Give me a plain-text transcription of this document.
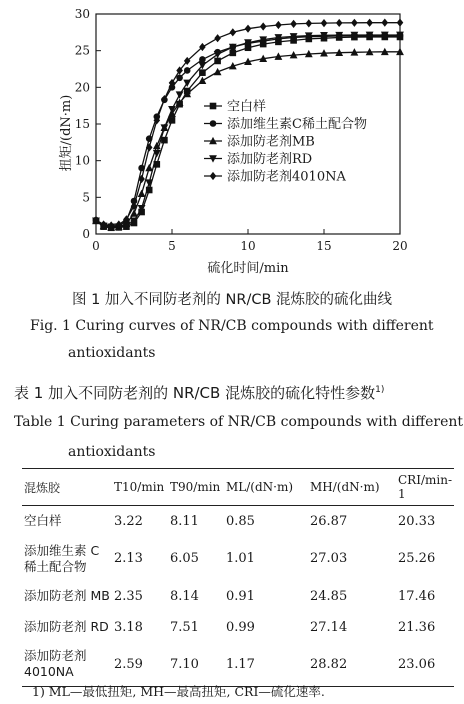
0	5	10	15	20
0
5
10
15
20
25
30
空白样
添加维生素C稀土配合物
添加防老剂MB
添加防老剂RD
添加防老剂4010NA
硫化时间/min
扭矩/(dN·m)
图 1 加入不同防老剂的 NR/CB 混炼胶的硫化曲线
Fig. 1 Curing curves of NR/CB compounds with different
antioxidants
表 1 加入不同防老剂的 NR/CB 混炼胶的硫化特性参数$^{1)}$
Table 1 Curing parameters of NR/CB compounds with different
antioxidants
混炼胶	T10/min	T90/min	ML/(dN·m)	MH/(dN·m)	CRI/min-1

空白样	3.22	8.11	0.85	26.87	20.33

添加维生素 C
稀土配合物	2.13	6.05	1.01	27.03	25.26

添加防老剂 MB	2.35	8.14	0.91	24.85	17.46

添加防老剂 RD	3.18	7.51	0.99	27.14	21.36

添加防老剂
4010NA	2.59	7.10	1.17	28.82	23.06
1) ML—最低扭矩, MH—最高扭矩, CRI—硫化速率.
